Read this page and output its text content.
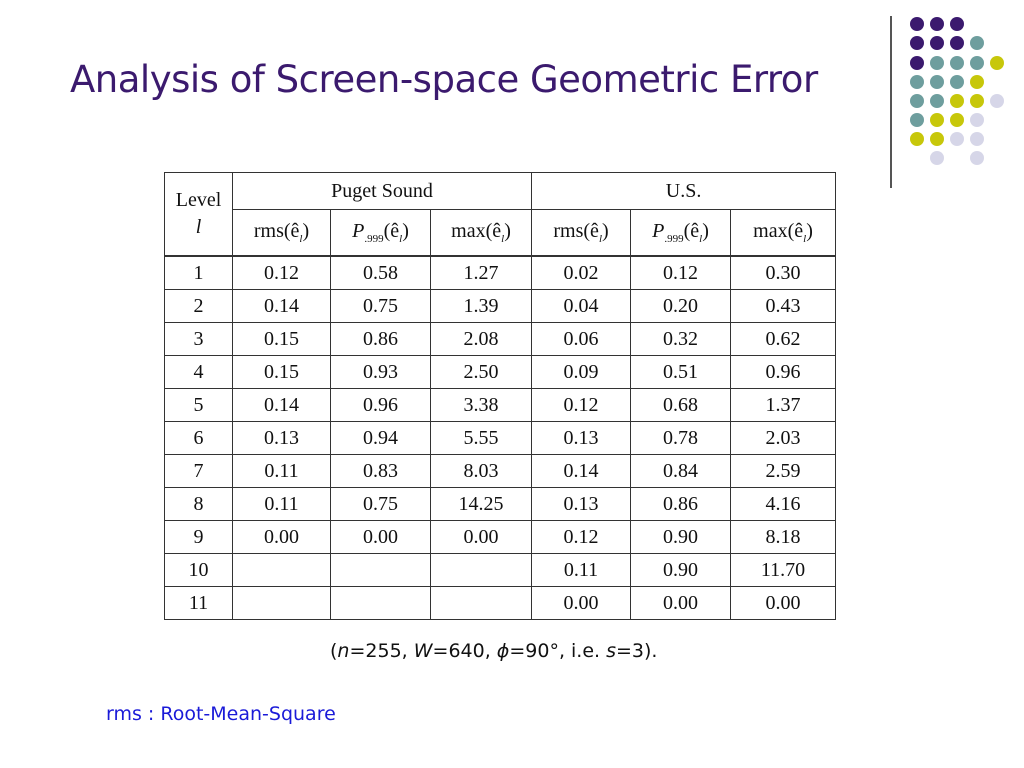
Analysis of Screen-space Geometric Error
Level
l	Puget Sound			U.S.		
	$rms(ê_l)$	$P_{.999}(ê_l)$	$\max(ê_l)$	$rms(ê_l)$	$P_{.999}(ê_l)$	$\max(ê_l)$
1	0.12	0.58	1.27	0.02	0.12	0.30
2	0.14	0.75	1.39	0.04	0.20	0.43
3	0.15	0.86	2.08	0.06	0.32	0.62
4	0.15	0.93	2.50	0.09	0.51	0.96
5	0.14	0.96	3.38	0.12	0.68	1.37
6	0.13	0.94	5.55	0.13	0.78	2.03
7	0.11	0.83	8.03	0.14	0.84	2.59
8	0.11	0.75	14.25	0.13	0.86	4.16
9	0.00	0.00	0.00	0.12	0.90	8.18
10				0.11	0.90	11.70
11				0.00	0.00	0.00
(n=255, W=640, ϕ=90°, i.e. s=3).
rms : Root-Mean-Square
